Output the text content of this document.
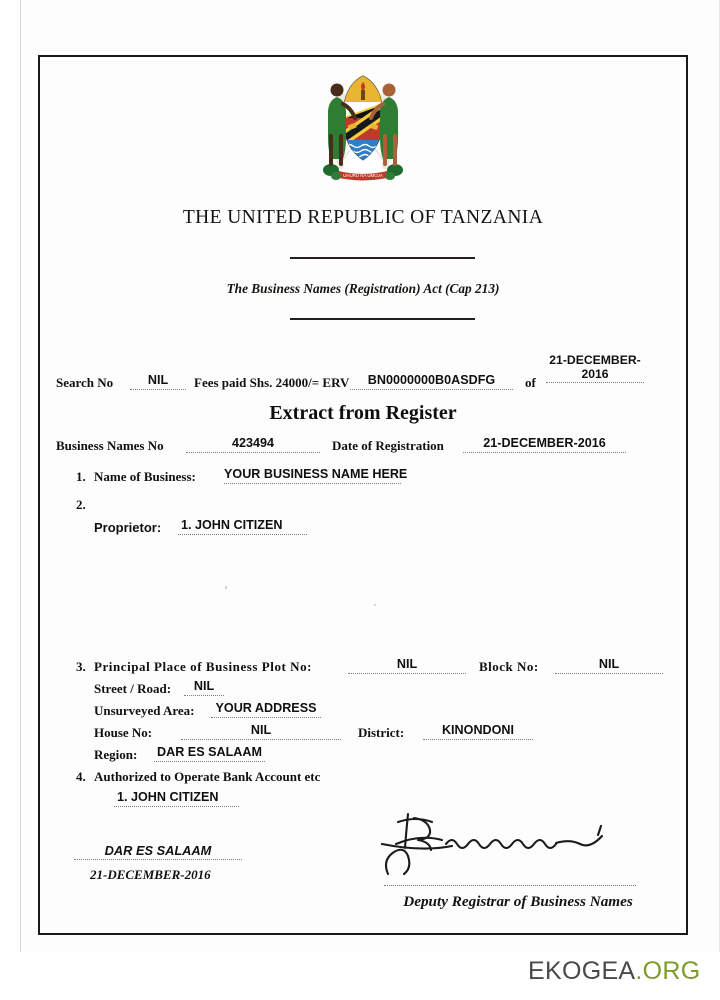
UHURU NA UMOJA
THE UNITED REPUBLIC OF TANZANIA
The Business Names (Registration) Act (Cap 213)
Search No	NIL	Fees paid Shs. 24000/= ERV	BN0000000B0ASDFG	of
21-DECEMBER-2016
Extract from Register
Business Names No	423494	Date of Registration	21-DECEMBER-2016
1. Name of Business: YOUR BUSINESS NAME HERE
2.
Proprietor: 1. JOHN CITIZEN
3. Principal Place of Business Plot No:	NIL	Block No:	NIL
Street / Road:	NIL
Unsurveyed Area:	YOUR ADDRESS
House No:	NIL	District:	KINONDONI
Region: DAR ES SALAAM
4. Authorized to Operate Bank Account etc
1. JOHN CITIZEN
DAR ES SALAAM
21-DECEMBER-2016
Deputy Registrar of Business Names
EKOGEA.ORG
